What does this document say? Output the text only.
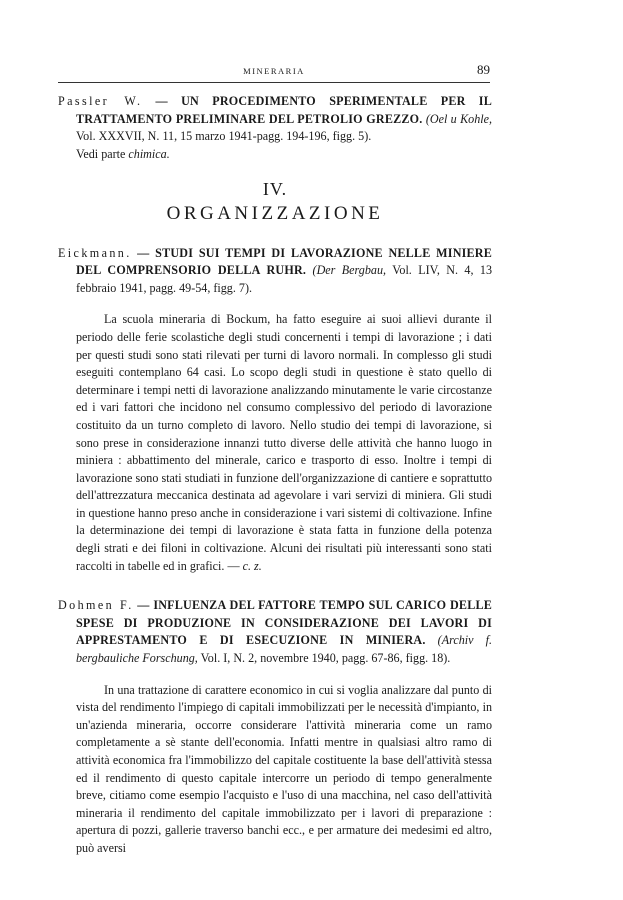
MINERARIA	89

Passler W. — UN PROCEDIMENTO SPERIMENTALE PER IL TRATTAMENTO PRELIMINARE DEL PETROLIO GREZZO. (Oel u Kohle, Vol. XXXVII, N. 11, 15 marzo 1941-pagg. 194-196, figg. 5).

Vedi parte chimica.

IV.
ORGANIZZAZIONE

Eickmann. — STUDI SUI TEMPI DI LAVORAZIONE NELLE MINIERE DEL COMPRENSORIO DELLA RUHR. (Der Bergbau, Vol. LIV, N. 4, 13 febbraio 1941, pagg. 49-54, figg. 7).

La scuola mineraria di Bockum, ha fatto eseguire ai suoi allievi durante il periodo delle ferie scolastiche degli studi concernenti i tempi di lavorazione ; i dati per questi studi sono stati rilevati per turni di lavoro normali. In complesso gli studi eseguiti contemplano 64 casi. Lo scopo degli studi in questione è stato quello di determinare i tempi netti di lavorazione analizzando minutamente le varie circostanze ed i vari fattori che incidono nel consumo complessivo del periodo di lavorazione costituito da un turno completo di lavoro. Nello studio dei tempi di lavorazione, si sono prese in considerazione innanzi tutto diverse delle attività che hanno luogo in miniera : abbattimento del minerale, carico e trasporto di esso. Inoltre i tempi di lavorazione sono stati studiati in funzione dell'organizzazione di cantiere e soprattutto dell'attrezzatura meccanica destinata ad agevolare i vari servizi di miniera. Gli studi in questione hanno preso anche in considerazione i vari sistemi di coltivazione. Infine la determinazione dei tempi di lavorazione è stata fatta in funzione della potenza degli strati e dei filoni in coltivazione. Alcuni dei risultati più interessanti sono stati raccolti in tabelle ed in grafici. — c. z.

Dohmen F. — INFLUENZA DEL FATTORE TEMPO SUL CARICO DELLE SPESE DI PRODUZIONE IN CONSIDERAZIONE DEI LAVORI DI APPRESTAMENTO E DI ESECUZIONE IN MINIERA. (Archiv f. bergbauliche Forschung, Vol. I, N. 2, novembre 1940, pagg. 67-86, figg. 18).

In una trattazione di carattere economico in cui si voglia analizzare dal punto di vista del rendimento l'impiego di capitali immobilizzati per le necessità d'impianto, in un'azienda mineraria, occorre considerare l'attività mineraria come un ramo completamente a sè stante dell'economia. Infatti mentre in qualsiasi altro ramo di attività economica fra l'immobilizzo del capitale costituente la base dell'attività stessa ed il rendimento di questo capitale intercorre un periodo di tempo generalmente breve, citiamo come esempio l'acquisto e l'uso di una macchina, nel caso dell'attività mineraria il rendimento del capitale immobilizzato per i lavori di preparazione : apertura di pozzi, gallerie traverso banchi ecc., e per armature dei medesimi ed altro, può aversi
